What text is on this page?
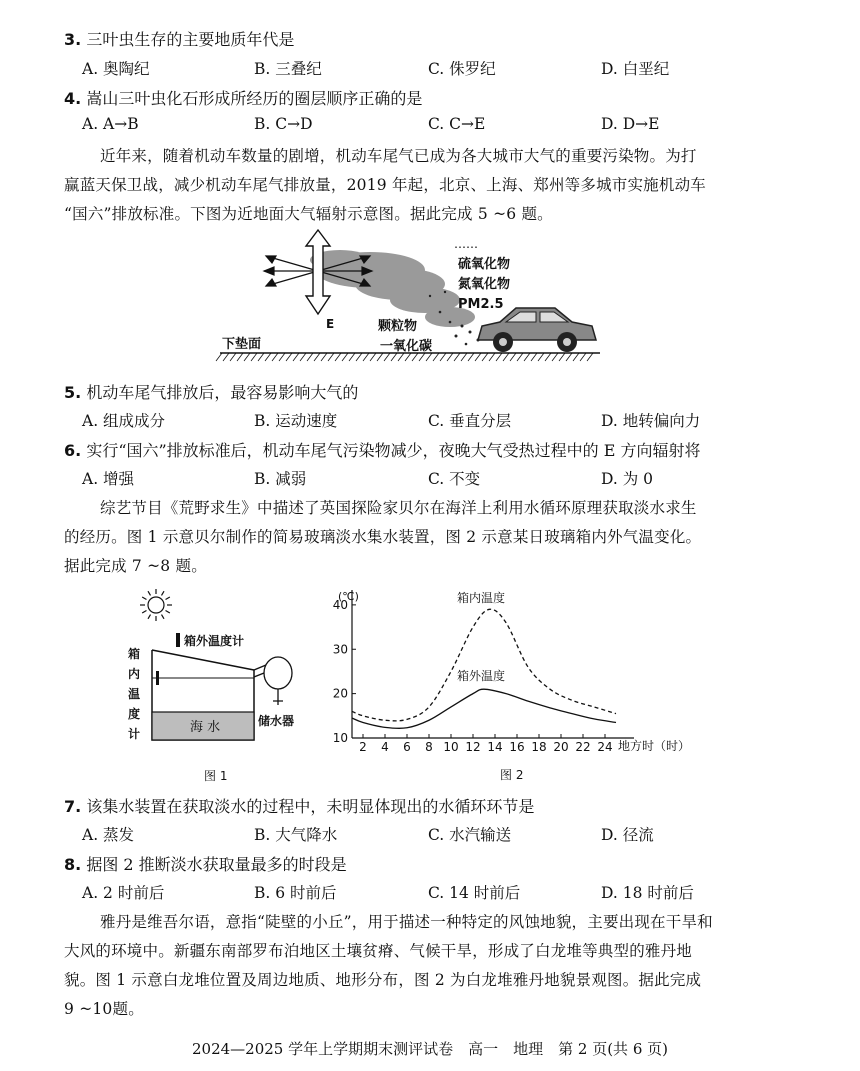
3. 三叶虫生存的主要地质年代是
A. 奥陶纪	B. 三叠纪	C. 侏罗纪	D. 白垩纪
4. 嵩山三叶虫化石形成所经历的圈层顺序正确的是
A. A→B	B. C→D	C. C→E	D. D→E
近年来，随着机动车数量的剧增，机动车尾气已成为各大城市大气的重要污染物。为打
赢蓝天保卫战，减少机动车尾气排放量，2019 年起，北京、上海、郑州等多城市实施机动车
“国六”排放标准。下图为近地面大气辐射示意图。据此完成 5 ~6 题。
……
硫氧化物
氮氧化物
PM2.5
E	颗粒物
一氧化碳
下垫面
5. 机动车尾气排放后，最容易影响大气的
A. 组成成分	B. 运动速度	C. 垂直分层	D. 地转偏向力
6. 实行“国六”排放标准后，机动车尾气污染物减少，夜晚大气受热过程中的 E 方向辐射将
A. 增强	B. 减弱	C. 不变	D. 为 0
综艺节目《荒野求生》中描述了英国探险家贝尔在海洋上利用水循环原理获取淡水求生
的经历。图 1 示意贝尔制作的简易玻璃淡水集水装置，图 2 示意某日玻璃箱内外气温变化。
据此完成 7 ~8 题。
海 水
箱外温度计
箱
内
温
度
计
储水器
图 1
10
20
30
40
2 4 6 8 10 12 14 16 18 20 22 24
(℃)
地方时（时）
箱内温度
箱外温度
图 2
7. 该集水装置在获取淡水的过程中，未明显体现出的水循环环节是
A. 蒸发	B. 大气降水	C. 水汽输送	D. 径流
8. 据图 2 推断淡水获取量最多的时段是
A. 2 时前后	B. 6 时前后	C. 14 时前后	D. 18 时前后
雅丹是维吾尔语，意指“陡壁的小丘”，用于描述一种特定的风蚀地貌，主要出现在干旱和
大风的环境中。新疆东南部罗布泊地区土壤贫瘠、气候干旱，形成了白龙堆等典型的雅丹地
貌。图 1 示意白龙堆位置及周边地质、地形分布，图 2 为白龙堆雅丹地貌景观图。据此完成
9 ~10题。
2024—2025 学年上学期期末测评试卷　高一　地理　第 2 页(共 6 页)
